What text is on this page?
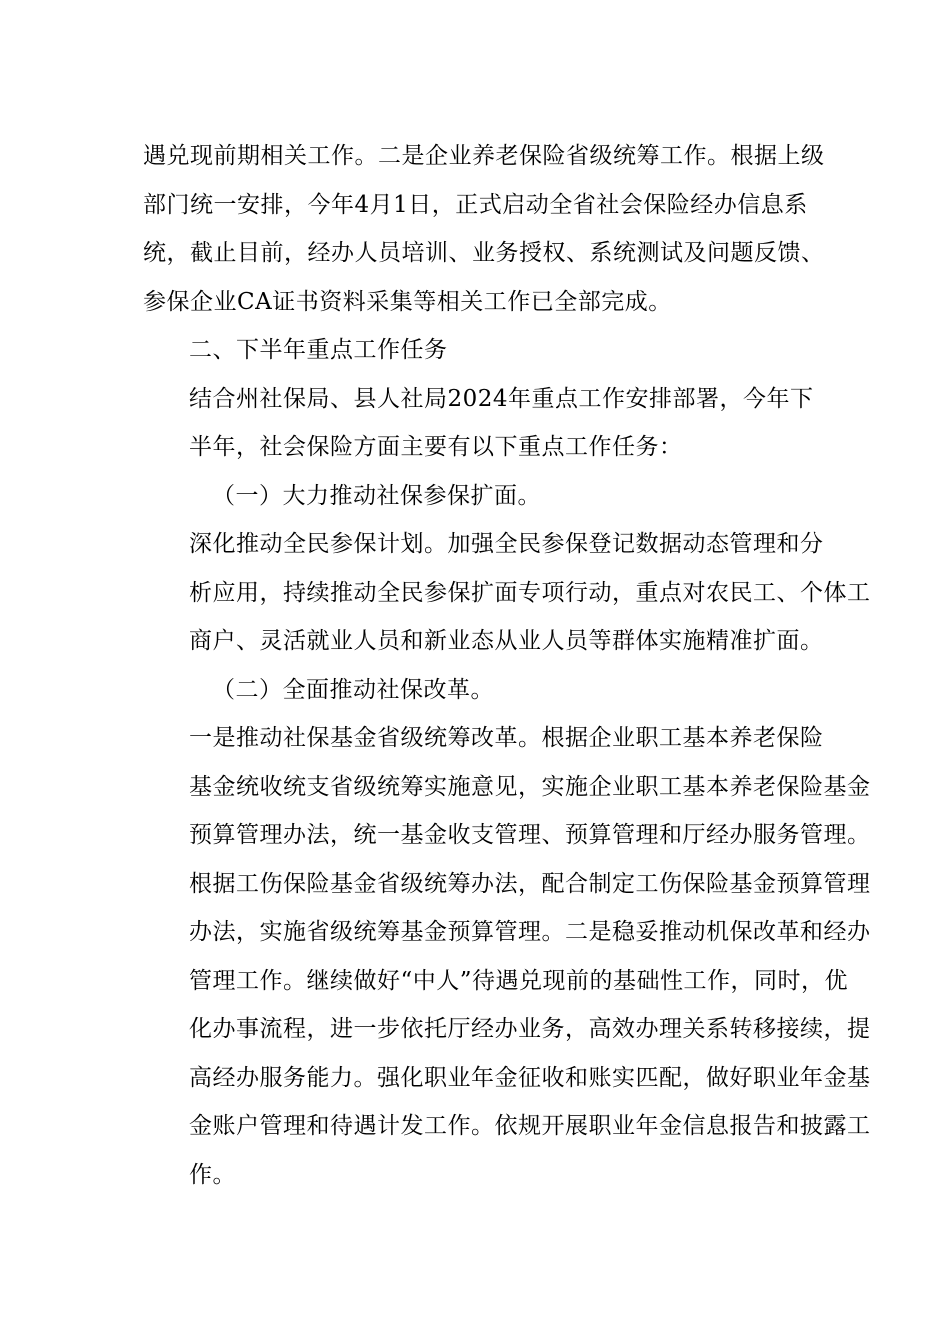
遇兑现前期相关工作。二是企业养老保险省级统筹工作。根据上级
部门统一安排，今年4月1日，正式启动全省社会保险经办信息系
统，截止目前，经办人员培训、业务授权、系统测试及问题反馈、
参保企业CA证书资料采集等相关工作已全部完成。

二、下半年重点工作任务

结合州社保局、县人社局2024年重点工作安排部署，今年下
半年，社会保险方面主要有以下重点工作任务：

（一）大力推动社保参保扩面。

深化推动全民参保计划。加强全民参保登记数据动态管理和分
析应用，持续推动全民参保扩面专项行动，重点对农民工、个体工
商户、灵活就业人员和新业态从业人员等群体实施精准扩面。

（二）全面推动社保改革。

一是推动社保基金省级统筹改革。根据企业职工基本养老保险
基金统收统支省级统筹实施意见，实施企业职工基本养老保险基金
预算管理办法，统一基金收支管理、预算管理和厅经办服务管理。
根据工伤保险基金省级统筹办法，配合制定工伤保险基金预算管理
办法，实施省级统筹基金预算管理。二是稳妥推动机保改革和经办
管理工作。继续做好“中人”待遇兑现前的基础性工作，同时，优
化办事流程，进一步依托厅经办业务，高效办理关系转移接续，提
高经办服务能力。强化职业年金征收和账实匹配，做好职业年金基
金账户管理和待遇计发工作。依规开展职业年金信息报告和披露工
作。
